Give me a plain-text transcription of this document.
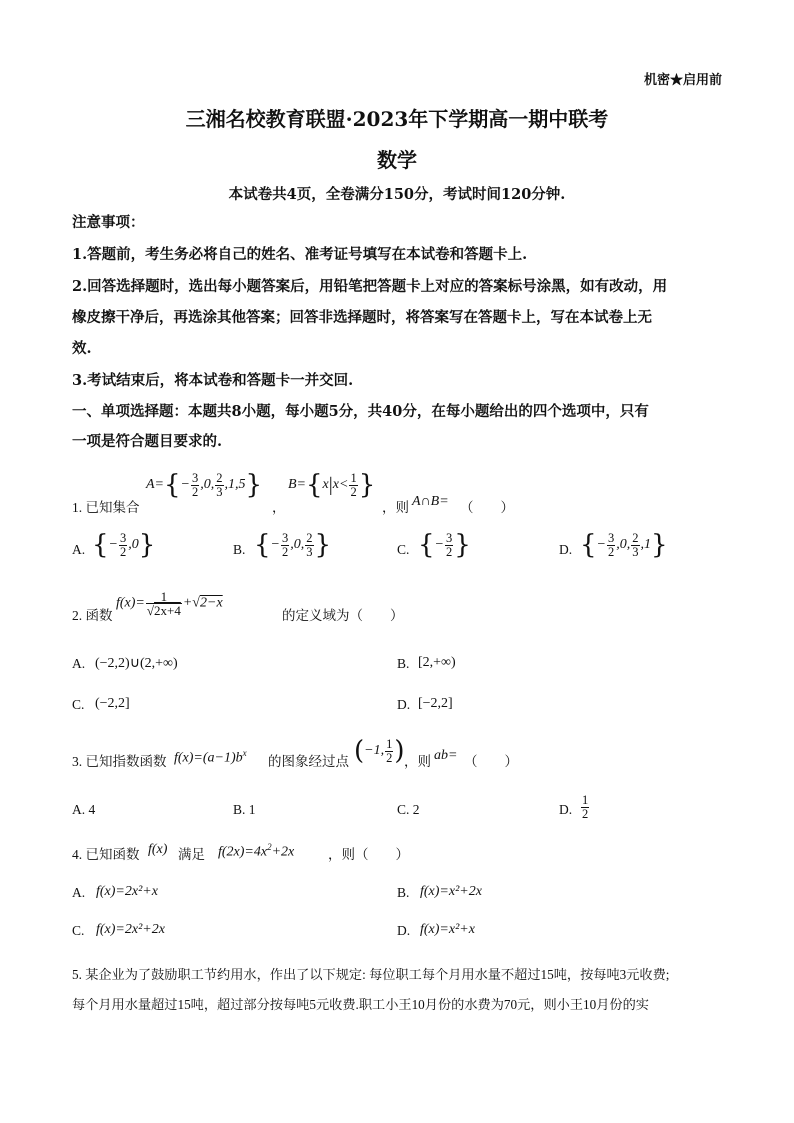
机密★启用前
三湘名校教育联盟·2023年下学期高一期中联考
数学
本试卷共4页，全卷满分150分，考试时间120分钟.
注意事项：
1.答题前，考生务必将自己的姓名、准考证号填写在本试卷和答题卡上.
2.回答选择题时，选出每小题答案后，用铅笔把答题卡上对应的答案标号涂黑，如有改动，用
橡皮擦干净后，再选涂其他答案；回答非选择题时，将答案写在答题卡上，写在本试卷上无
效.
3.考试结束后，将本试卷和答题卡一并交回.
一、单项选择题：本题共8小题，每小题5分，共40分，在每小题给出的四个选项中，只有
一项是符合题目要求的.
1. 已知集合
$A=\{- \frac{3}{2} ,0$, $\frac{2}{3} ,1,5$}
，
$B=\{x|x< \frac{1}{2}$ }
，则 A∩B= （　　）
A. {− $\frac{3}{2} ,0$}	B. {− $\frac{3}{2} ,0$, $\frac{2}{3}$ }	C. {− $\frac{3}{2}$ }	D. {− $\frac{3}{2} ,0$, $\frac{2}{3} ,1$}
2. 函数
$f(x)= \frac{1}{√2x+4} +√2-x$
的定义域为（　　）
A. (−2,2)∪(2,+∞)	B. [2,+∞)
C. (−2,2]	D. [−2,2]
3. 已知指数函数 $f(x)=(a-1)b^x$
的图象经过点 (−1, $\frac{1}{2}$ ) ，则 ab= （　　）
A. 4	B. 1	C. 2	D. $\frac{1}{2}$
4. 已知函数 f(x) 满足 $f(2x)=4x^2+2x$ ，则（　　）
A. f(x)=2x²+x	B. f(x)=x²+2x
C. f(x)=2x²+2x	D. f(x)=x²+x
5. 某企业为了鼓励职工节约用水，作出了以下规定: 每位职工每个月用水量不超过15吨，按每吨3元收费;
每个月用水量超过15吨，超过部分按每吨5元收费.职工小王10月份的水费为70元，则小王10月份的实
